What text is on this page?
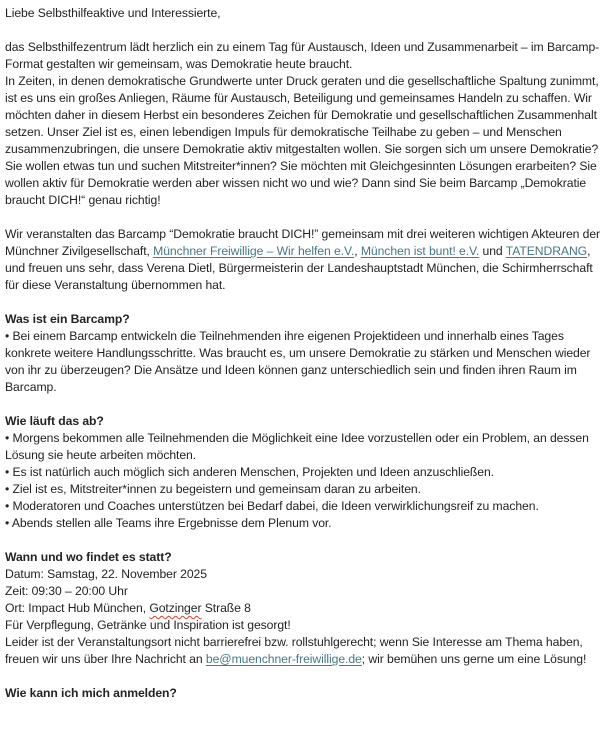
Liebe Selbsthilfeaktive und Interessierte,
das Selbsthilfezentrum lädt herzlich ein zu einem Tag für Austausch, Ideen und Zusammenarbeit – im Barcamp-Format gestalten wir gemeinsam, was Demokratie heute braucht.
In Zeiten, in denen demokratische Grundwerte unter Druck geraten und die gesellschaftliche Spaltung zunimmt, ist es uns ein großes Anliegen, Räume für Austausch, Beteiligung und gemeinsames Handeln zu schaffen. Wir möchten daher in diesem Herbst ein besonderes Zeichen für Demokratie und gesellschaftlichen Zusammenhalt setzen. Unser Ziel ist es, einen lebendigen Impuls für demokratische Teilhabe zu geben – und Menschen zusammenzubringen, die unsere Demokratie aktiv mitgestalten wollen. Sie sorgen sich um unsere Demokratie? Sie wollen etwas tun und suchen Mitstreiter*innen? Sie möchten mit Gleichgesinnten Lösungen erarbeiten? Sie wollen aktiv für Demokratie werden aber wissen nicht wo und wie? Dann sind Sie beim Barcamp „Demokratie braucht DICH!“ genau richtig!
Wir veranstalten das Barcamp “Demokratie braucht DICH!” gemeinsam mit drei weiteren wichtigen Akteuren der Münchner Zivilgesellschaft, Münchner Freiwillige – Wir helfen e.V., München ist bunt! e.V. und TATENDRANG, und freuen uns sehr, dass Verena Dietl, Bürgermeisterin der Landeshauptstadt München, die Schirmherrschaft für diese Veranstaltung übernommen hat.
Was ist ein Barcamp?
• Bei einem Barcamp entwickeln die Teilnehmenden ihre eigenen Projektideen und innerhalb eines Tages konkrete weitere Handlungsschritte. Was braucht es, um unsere Demokratie zu stärken und Menschen wieder von ihr zu überzeugen? Die Ansätze und Ideen können ganz unterschiedlich sein und finden ihren Raum im Barcamp.
Wie läuft das ab?
• Morgens bekommen alle Teilnehmenden die Möglichkeit eine Idee vorzustellen oder ein Problem, an dessen Lösung sie heute arbeiten möchten.
• Es ist natürlich auch möglich sich anderen Menschen, Projekten und Ideen anzuschließen.
• Ziel ist es, Mitstreiter*innen zu begeistern und gemeinsam daran zu arbeiten.
• Moderatoren und Coaches unterstützen bei Bedarf dabei, die Ideen verwirklichungsreif zu machen.
• Abends stellen alle Teams ihre Ergebnisse dem Plenum vor.
Wann und wo findet es statt?
Datum: Samstag, 22. November 2025
Zeit: 09:30 – 20:00 Uhr
Ort: Impact Hub München, Gotzinger Straße 8
Für Verpflegung, Getränke und Inspiration ist gesorgt!
Leider ist der Veranstaltungsort nicht barrierefrei bzw. rollstuhlgerecht; wenn Sie Interesse am Thema haben, freuen wir uns über Ihre Nachricht an be@muenchner-freiwillige.de; wir bemühen uns gerne um eine Lösung!
Wie kann ich mich anmelden?
